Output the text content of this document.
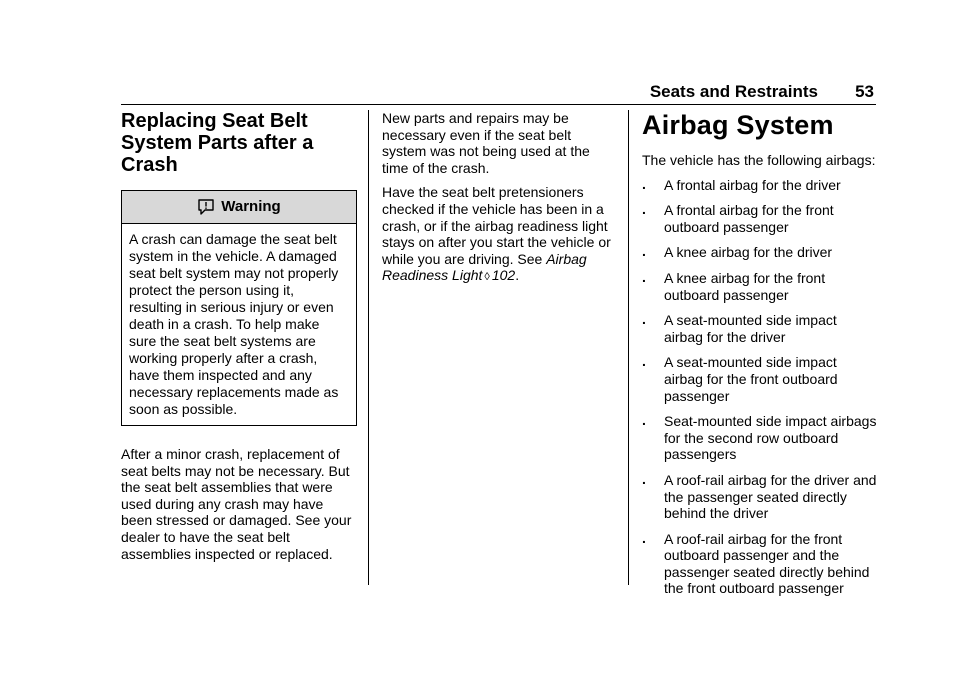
Seats and Restraints 53
Replacing Seat Belt System Parts after a Crash
Warning
A crash can damage the seat belt system in the vehicle. A damaged seat belt system may not properly protect the person using it, resulting in serious injury or even death in a crash. To help make sure the seat belt systems are working properly after a crash, have them inspected and any necessary replacements made as soon as possible.

After a minor crash, replacement of seat belts may not be necessary. But the seat belt assemblies that were used during any crash may have been stressed or damaged. See your dealer to have the seat belt assemblies inspected or replaced.

New parts and repairs may be necessary even if the seat belt system was not being used at the time of the crash.

Have the seat belt pretensioners checked if the vehicle has been in a crash, or if the airbag readiness light stays on after you start the vehicle or while you are driving. See Airbag Readiness Light ◊ 102.

Airbag System

The vehicle has the following airbags:

. A frontal airbag for the driver
. A frontal airbag for the front outboard passenger
. A knee airbag for the driver
. A knee airbag for the front outboard passenger
. A seat-mounted side impact airbag for the driver
. A seat-mounted side impact airbag for the front outboard passenger
. Seat-mounted side impact airbags for the second row outboard passengers
. A roof-rail airbag for the driver and the passenger seated directly behind the driver
. A roof-rail airbag for the front outboard passenger and the passenger seated directly behind the front outboard passenger
